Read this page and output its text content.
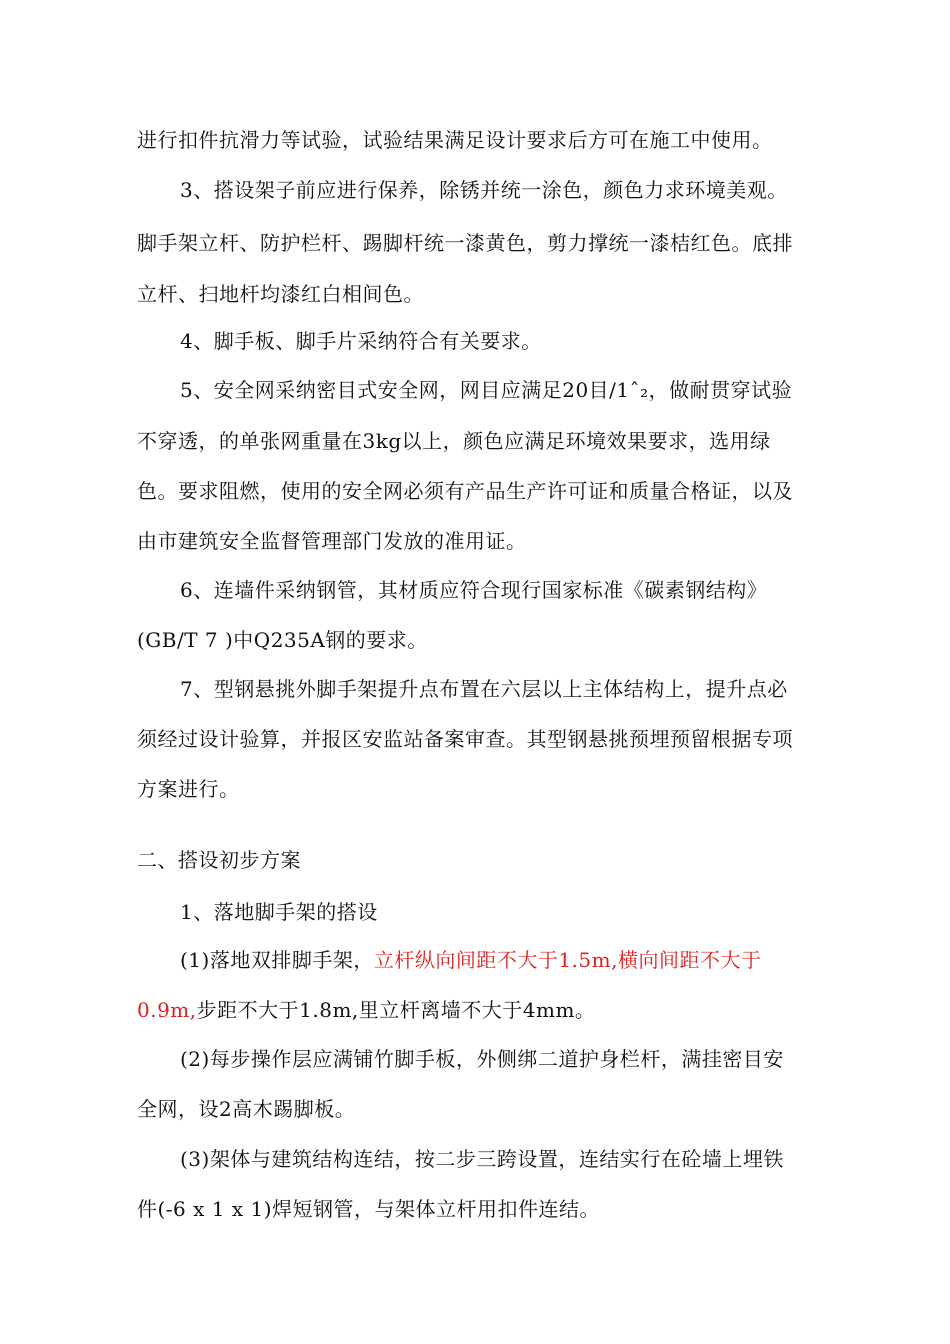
进行扣件抗滑力等试验，试验结果满足设计要求后方可在施工中使用。
3、搭设架子前应进行保养，除锈并统一涂色，颜色力求环境美观。
脚手架立杆、防护栏杆、踢脚杆统一漆黄色，剪力撑统一漆桔红色。底排
立杆、扫地杆均漆红白相间色。
4、脚手板、脚手片采纳符合有关要求。
5、安全网采纳密目式安全网，网目应满足20目/1ˆ₂，做耐贯穿试验
不穿透，的单张网重量在3kg以上，颜色应满足环境效果要求，选用绿
色。要求阻燃，使用的安全网必须有产品生产许可证和质量合格证，以及
由市建筑安全监督管理部门发放的准用证。
6、连墙件采纳钢管，其材质应符合现行国家标准《碳素钢结构》
(GB/T 7 )中Q235A钢的要求。
7、型钢悬挑外脚手架提升点布置在六层以上主体结构上，提升点必
须经过设计验算，并报区安监站备案审查。其型钢悬挑预埋预留根据专项
方案进行。
二、搭设初步方案
1、落地脚手架的搭设
(1)落地双排脚手架，立杆纵向间距不大于1.5m,横向间距不大于
0.9m,步距不大于1.8m,里立杆离墙不大于4mm。
(2)每步操作层应满铺竹脚手板，外侧绑二道护身栏杆，满挂密目安
全网，设2高木踢脚板。
(3)架体与建筑结构连结，按二步三跨设置，连结实行在砼墙上埋铁
件(-6 x 1 x 1)焊短钢管，与架体立杆用扣件连结。
